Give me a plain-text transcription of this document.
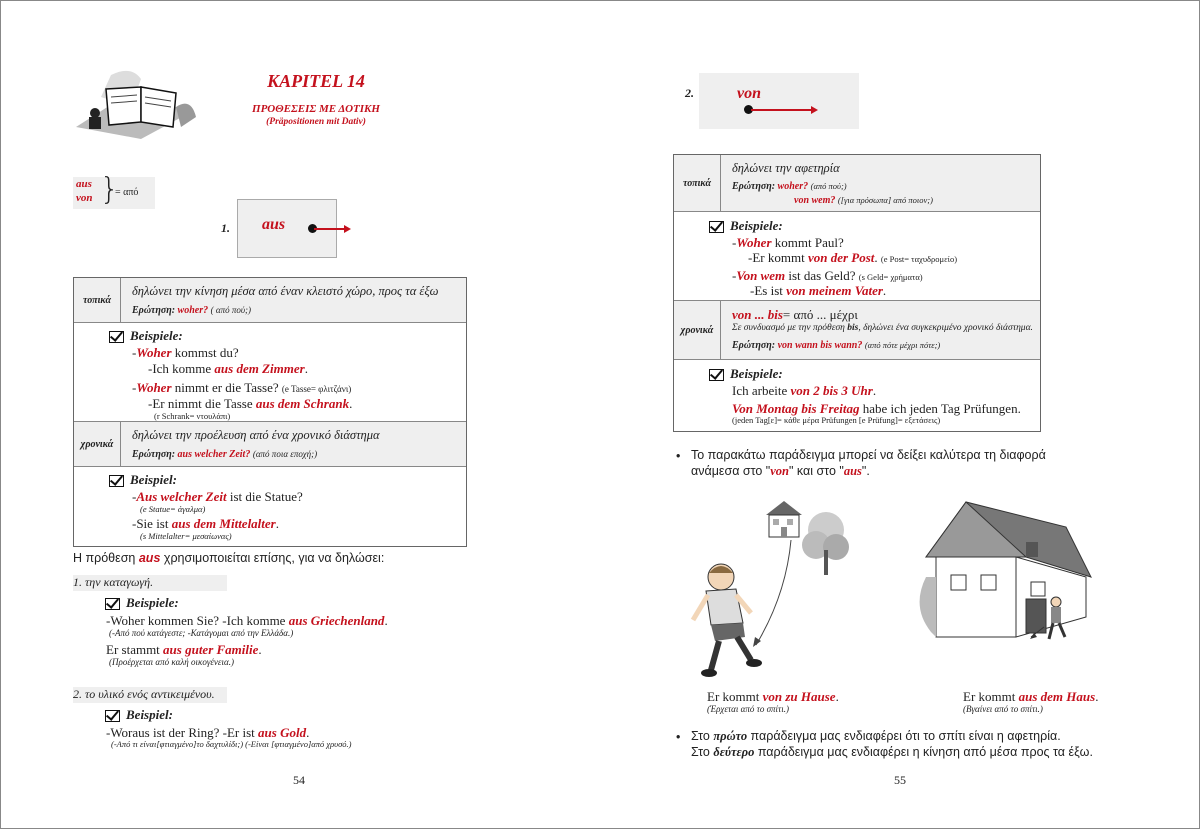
KAPITEL 14
ΠΡΟΘΕΣΕΙΣ ΜΕ ΔΟΤΙΚΗ
(Präpositionen mit Dativ)
aus
von }
= από
1. aus
τοπικά
δηλώνει την κίνηση μέσα από έναν κλειστό χώρο, προς τα έξω
Ερώτηση: woher? ( από πού;)
Beispiele:
-Woher kommst du?
-Ich komme aus dem Zimmer.
-Woher nimmt er die Tasse? (e Tasse= φλιτζάνι)
-Er nimmt die Tasse aus dem Schrank.
(r Schrank= ντουλάπι)
χρονικά
δηλώνει την προέλευση από ένα χρονικό διάστημα
Ερώτηση: aus welcher Zeit? (από ποια εποχή;)
Beispiel:
-Aus welcher Zeit ist die Statue?
(e Statue= άγαλμα)
-Sie ist aus dem Mittelalter.
(s Mittelalter= μεσαίωνας)
Η πρόθεση aus χρησιμοποιείται επίσης, για να δηλώσει:
1. την καταγωγή.
Beispiele:
-Woher kommen Sie? -Ich komme aus Griechenland.
(-Από πού κατάγεστε; -Κατάγομαι από την Ελλάδα.)
Er stammt aus guter Familie.
(Προέρχεται από καλή οικογένεια.)
2. το υλικό ενός αντικειμένου.
Beispiel:
-Woraus ist der Ring? -Er ist aus Gold.
(-Από τι είναι[φτιαγμένο]το δαχτυλίδι;) (-Είναι [φτιαγμένο]από χρυσό.)
54
2.	von
τοπικά
δηλώνει την αφετηρία
Ερώτηση: woher? (από πού;)
von wem? ([για πρόσωπα] από ποιον;)
Beispiele:
-Woher kommt Paul?
-Er kommt von der Post. (e Post= ταχυδρομείο)
-Von wem ist das Geld? (s Geld= χρήματα)
-Es ist von meinem Vater.
χρονικά
von ... bis= από ... μέχρι
Σε συνδυασμό με την πρόθεση bis, δηλώνει ένα συγκεκριμένο χρονικό διάστημα.
Ερώτηση: von wann bis wann? (από πότε μέχρι πότε;)
Beispiele:
Ich arbeite von 2 bis 3 Uhr.
Von Montag bis Freitag habe ich jeden Tag Prüfungen.
(jeden Tag[ε]= κάθε μέρα Prüfungen [e Prüfung]= εξετάσεις)
• Το παρακάτω παράδειγμα μπορεί να δείξει καλύτερα τη διαφορά
ανάμεσα στο "von" και στο "aus".
Er kommt von zu Hause.
(Έρχεται από το σπίτι.)
Er kommt aus dem Haus.
(Βγαίνει από το σπίτι.)
• Στο πρώτο παράδειγμα μας ενδιαφέρει ότι το σπίτι είναι η αφετηρία.
Στο δεύτερο παράδειγμα μας ενδιαφέρει η κίνηση από μέσα προς τα έξω.
55
